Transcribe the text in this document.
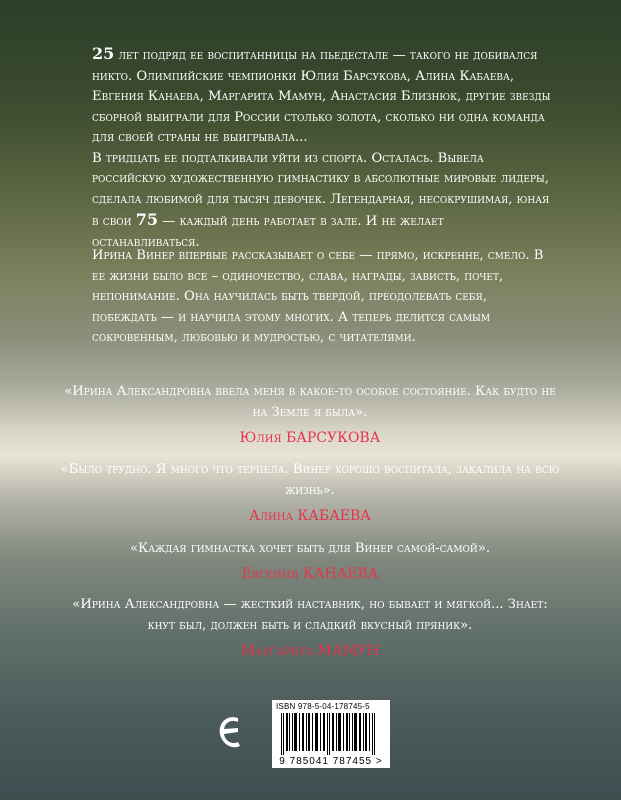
25 лет подряд ее воспитанницы на пьедестале — такого не добивался никто. Олимпийские чемпионки Юлия Барсукова, Алина Кабаева, Евгения Канаева, Маргарита Мамун, Анастасия Близнюк, другие звезды сборной выиграли для России столько золота, сколько ни одна команда для своей страны не выигрывала...
В тридцать ее подталкивали уйти из спорта. Осталась. Вывела российскую художественную гимнастику в абсолютные мировые лидеры, сделала любимой для тысяч девочек. Легендарная, несокрушимая, юная в свои 75 — каждый день работает в зале. И не желает останавливаться.
Ирина Винер впервые рассказывает о себе — прямо, искренне, смело. В ее жизни было все – одиночество, слава, награды, зависть, почет, непонимание. Она научилась быть твердой, преодолевать себя, побеждать — и научила этому многих. А теперь делится самым сокровенным, любовью и мудростью, с читателями.
«Ирина Александровна ввела меня в какое-то особое состояние. Как будто не на Земле я была».
Юлия БАРСУКОВА
«Было трудно. Я много что терпела. Винер хорошо воспитала, закалила на всю жизнь».
Алина КАБАЕВА
«Каждая гимнастка хочет быть для Винер самой-самой».
Евгения КАНАЕВА
«Ирина Александровна — жесткий наставник, но бывает и мягкой... Знает: кнут был, должен быть и сладкий вкусный пряник».
Маргарита МАМУН
ISBN 978-5-04-178745-5
9 785041 787455 >
